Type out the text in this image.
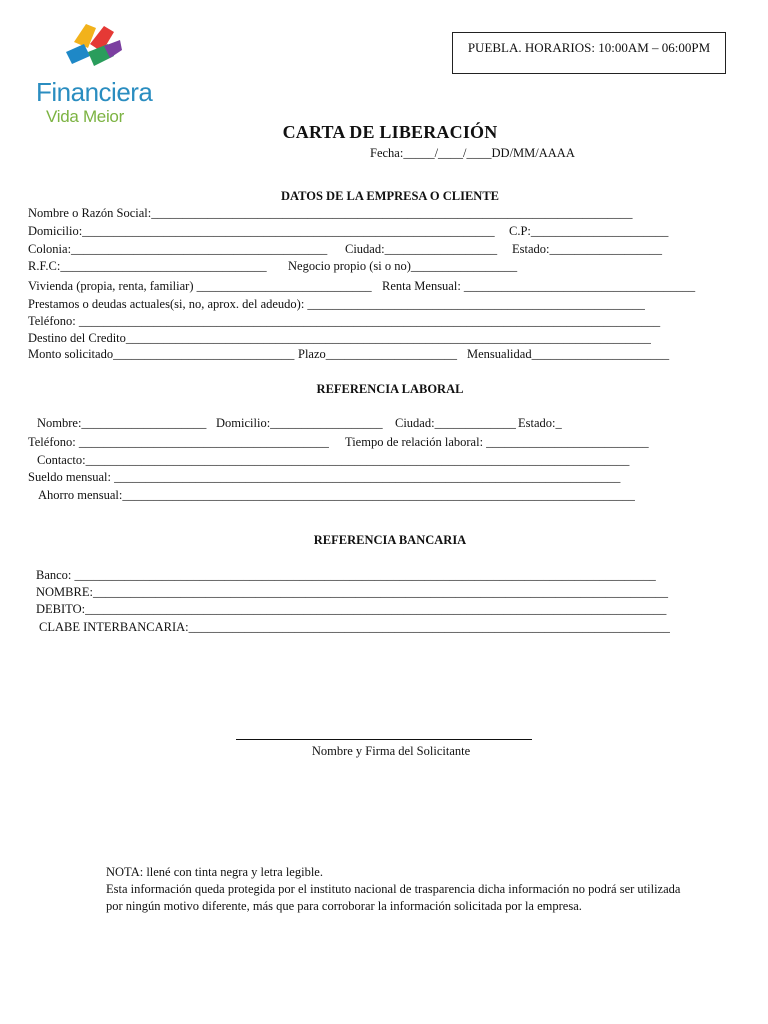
Financiera
Vida Meior
PUEBLA. HORARIOS: 10:00AM – 06:00PM
CARTA DE LIBERACIÓN
Fecha:_____/____/____DD/MM/AAAA
DATOS DE LA EMPRESA O CLIENTE
Nombre o Razón Social:_____________________________________________________________________________
Domicilio:__________________________________________________________________ C.P:______________________
Colonia:_________________________________________ Ciudad:__________________ Estado:__________________
R.F.C:_________________________________ Negocio propio (si o no)_________________
Vivienda (propia, renta, familiar) ____________________________ Renta Mensual: _____________________________________
Prestamos o deudas actuales(si, no, aprox. del adeudo): ______________________________________________________
Teléfono: _____________________________________________________________________________________________
Destino del Credito____________________________________________________________________________________
Monto solicitado_____________________________ Plazo_____________________ Mensualidad______________________
REFERENCIA LABORAL
Nombre:____________________ Domicilio:__________________ Ciudad:_____________ Estado:_
Teléfono: ________________________________________ Tiempo de relación laboral: __________________________
Contacto:_______________________________________________________________________________________
Sueldo mensual: _________________________________________________________________________________
Ahorro mensual:__________________________________________________________________________________
REFERENCIA BANCARIA
Banco: _____________________________________________________________________________________________
NOMBRE:____________________________________________________________________________________________
DEBITO:_____________________________________________________________________________________________
CLABE INTERBANCARIA:_____________________________________________________________________________
Nombre y Firma del Solicitante
NOTA: llené con tinta negra y letra legible.
Esta información queda protegida por el instituto nacional de trasparencia dicha información no podrá ser utilizada por ningún motivo diferente, más que para corroborar la información solicitada por la empresa.
